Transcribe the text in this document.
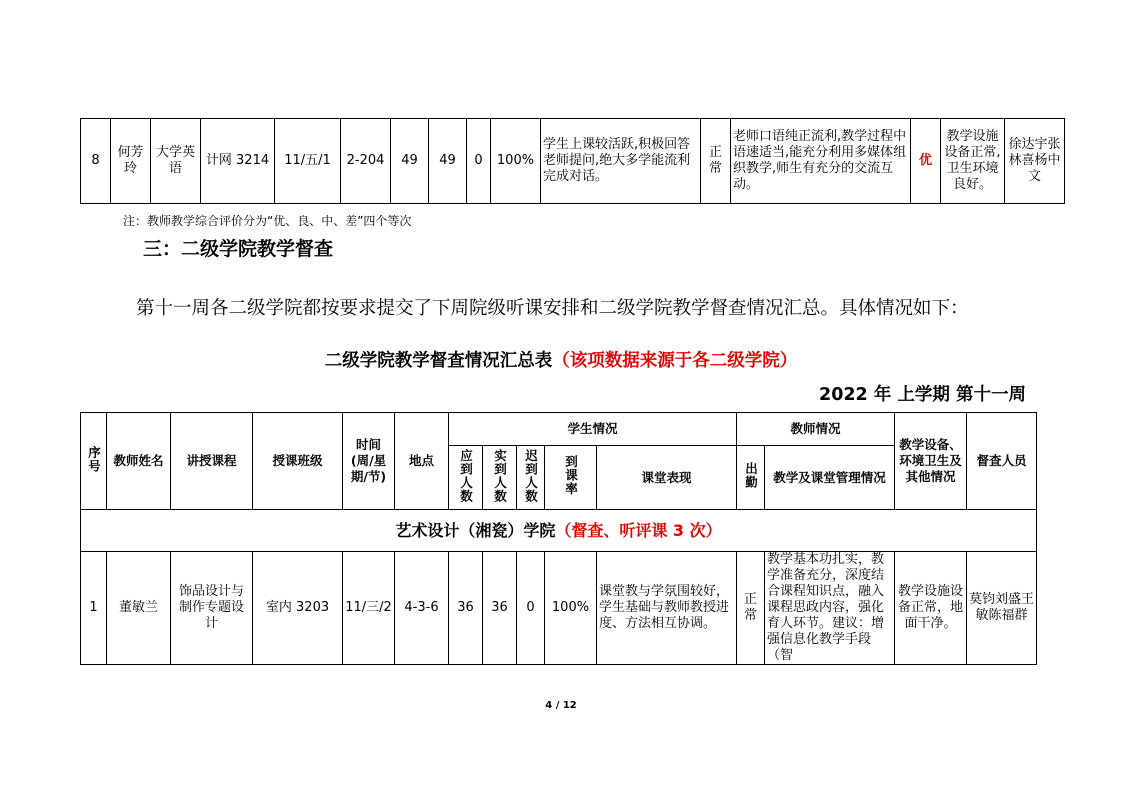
8	何芳玲	大学英语	计网 3214	11/五/1	2-204	49	49	0	100%	学生上课较活跃,积极回答老师提问,绝大多学能流利完成对话。	正常	老师口语纯正流利,教学过程中语速适当,能充分利用多媒体组织教学,师生有充分的交流互动。	优	教学设施设备正常,卫生环境良好。	徐达宇张林喜杨中文
注：教师教学综合评价分为“优、良、中、差”四个等次
三：二级学院教学督查
第十一周各二级学院都按要求提交了下周院级听课安排和二级学院教学督查情况汇总。具体情况如下：
二级学院教学督查情况汇总表（该项数据来源于各二级学院）
2022 年 上学期 第十一周
序号	教师姓名	讲授课程	授课班级	时间(周/星期/节)	地点	学生情况					教师情况		教学设备、环境卫生及其他情况	督查人员
						应到人数	实到人数	迟到人数	到课率	课堂表现	出勤	教学及课堂管理情况		
艺术设计（湘瓷）学院（督查、听评课 3 次）														
1	董敏兰	饰品设计与制作专题设计	室内 3203	11/三/2	4-3-6	36	36	0	100%	课堂教与学氛围较好，学生基础与教师教授进度、方法相互协调。	正常	教学基本功扎实，教学准备充分，深度结合课程知识点，融入课程思政内容，强化育人环节。建议：增强信息化教学手段（智	教学设施设备正常，地面干净。	莫钧刘盛王敏陈福群
4 / 12
